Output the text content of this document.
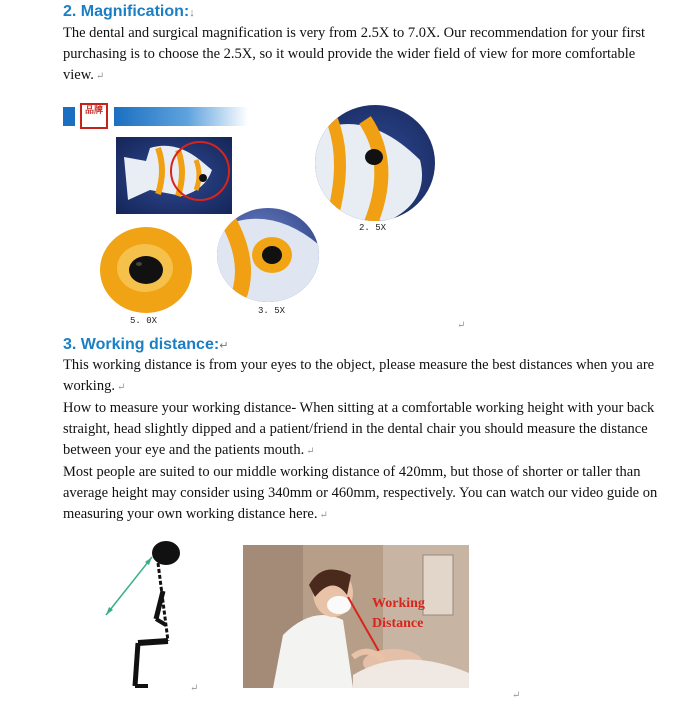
2. Magnification:↓

The dental and surgical magnification is very from 2.5X to 7.0X. Our recommendation for your first purchasing is to choose the 2.5X, so it would provide the wider field of view for more comfortable view. ↵

品牌
2. 5X
3. 5X
5. 0X	↵
3. Working distance:↵

This working distance is from your eyes to the object, please measure the best distances when you are working. ↵

How to measure your working distance- When sitting at a comfortable working height with your back straight, head slightly dipped and a patient/friend in the dental chair you should measure the distance between your eye and the patients mouth. ↵

Most people are suited to our middle working distance of 420mm, but those of shorter or taller than average height may consider using 340mm or 460mm, respectively. You can watch our video guide on measuring your own working distance here. ↵

↵
Working
Distance
↵
